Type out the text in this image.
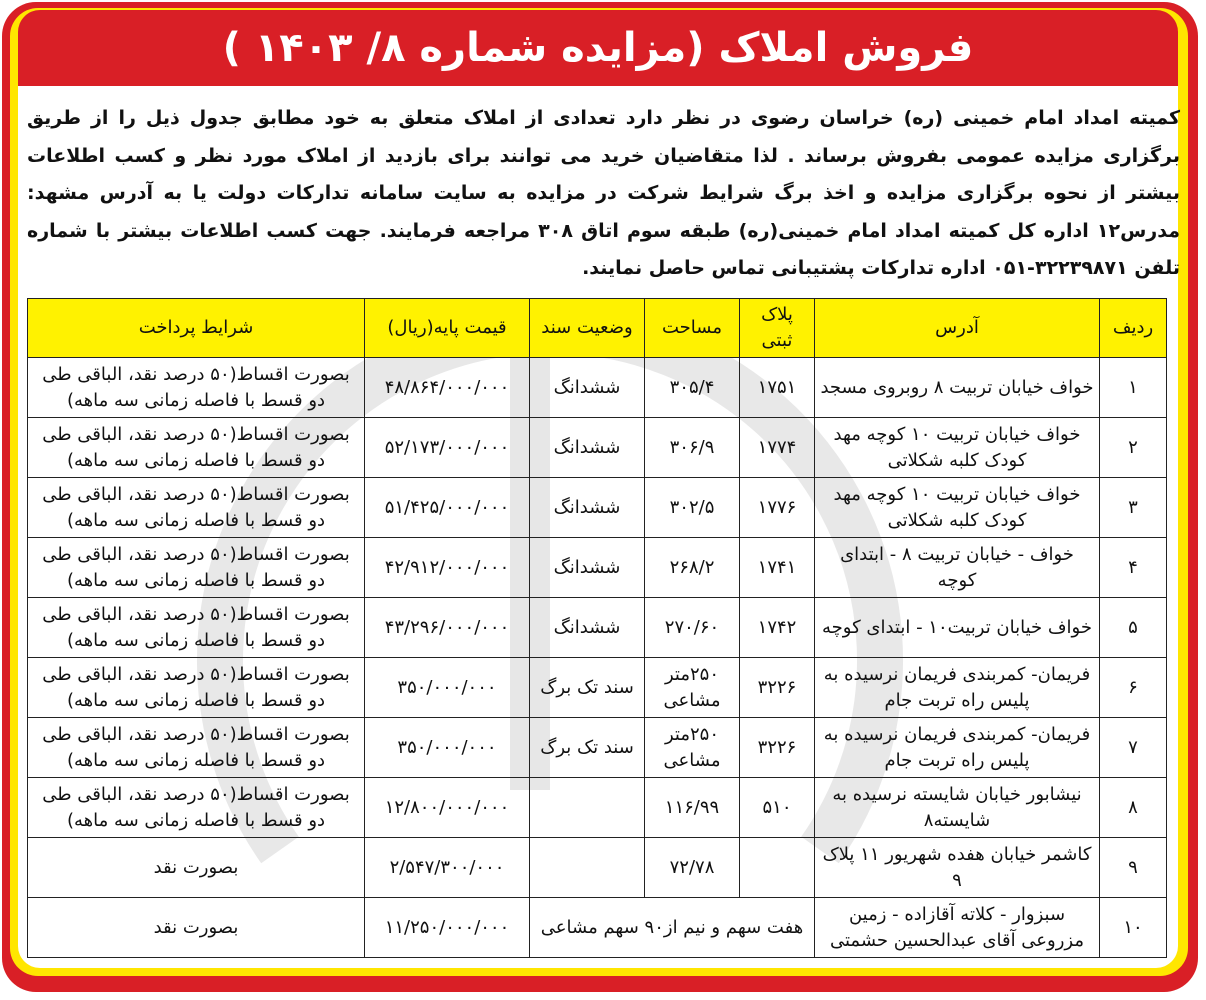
فروش املاک (مزایده شماره ۸/ ۱۴۰۳ )
کمیته امداد امام خمینی (ره) خراسان رضوی در نظر دارد تعدادی از املاک متعلق به خود مطابق جدول ذیل را از طریق برگزاری مزایده عمومی بفروش برساند . لذا متقاضیان خرید می توانند برای بازدید از املاک مورد نظر و کسب اطلاعات بیشتر از نحوه برگزاری مزایده و اخذ برگ شرایط شرکت در مزایده به سایت سامانه تدارکات دولت یا به آدرس مشهد: مدرس۱۲ اداره کل کمیته امداد امام خمینی(ره) طبقه سوم اتاق ۳۰۸ مراجعه فرمایند. جهت کسب اطلاعات بیشتر با شماره تلفن ۳۲۲۳۹۸۷۱-۰۵۱ اداره تدارکات پشتیبانی تماس حاصل نمایند.
ردیف	آدرس	پلاک ثبتی	مساحت	وضعیت سند	قیمت پایه(ریال)	شرایط پرداخت
۱	خواف خیابان تربیت ۸ روبروی مسجد	۱۷۵۱	۳۰۵/۴	ششدانگ	۴۸/۸۶۴/۰۰۰/۰۰۰	بصورت اقساط(۵۰ درصد نقد، الباقی طی دو قسط با فاصله زمانی سه ماهه)
۲	خواف خیابان تربیت ۱۰ کوچه مهد کودک کلبه شکلاتی	۱۷۷۴	۳۰۶/۹	ششدانگ	۵۲/۱۷۳/۰۰۰/۰۰۰	بصورت اقساط(۵۰ درصد نقد، الباقی طی دو قسط با فاصله زمانی سه ماهه)
۳	خواف خیابان تربیت ۱۰ کوچه مهد کودک کلبه شکلاتی	۱۷۷۶	۳۰۲/۵	ششدانگ	۵۱/۴۲۵/۰۰۰/۰۰۰	بصورت اقساط(۵۰ درصد نقد، الباقی طی دو قسط با فاصله زمانی سه ماهه)
۴	خواف - خیابان تربیت ۸ - ابتدای کوچه	۱۷۴۱	۲۶۸/۲	ششدانگ	۴۲/۹۱۲/۰۰۰/۰۰۰	بصورت اقساط(۵۰ درصد نقد، الباقی طی دو قسط با فاصله زمانی سه ماهه)
۵	خواف خیابان تربیت۱۰ - ابتدای کوچه	۱۷۴۲	۲۷۰/۶۰	ششدانگ	۴۳/۲۹۶/۰۰۰/۰۰۰	بصورت اقساط(۵۰ درصد نقد، الباقی طی دو قسط با فاصله زمانی سه ماهه)
۶	فریمان- کمربندی فریمان نرسیده به پلیس راه تربت جام	۳۲۲۶	۲۵۰متر مشاعی	سند تک برگ	۳۵۰/۰۰۰/۰۰۰	بصورت اقساط(۵۰ درصد نقد، الباقی طی دو قسط با فاصله زمانی سه ماهه)
۷	فریمان- کمربندی فریمان نرسیده به پلیس راه تربت جام	۳۲۲۶	۲۵۰متر مشاعی	سند تک برگ	۳۵۰/۰۰۰/۰۰۰	بصورت اقساط(۵۰ درصد نقد، الباقی طی دو قسط با فاصله زمانی سه ماهه)
۸	نیشابور خیابان شایسته نرسیده به شایسته۸	۵۱۰	۱۱۶/۹۹		۱۲/۸۰۰/۰۰۰/۰۰۰	بصورت اقساط(۵۰ درصد نقد، الباقی طی دو قسط با فاصله زمانی سه ماهه)
۹	کاشمر خیابان هفده شهریور ۱۱ پلاک ۹		۷۲/۷۸		۲/۵۴۷/۳۰۰/۰۰۰	بصورت نقد
۱۰	سبزوار - کلاته آقازاده - زمین مزروعی آقای عبدالحسین حشمتی	هفت سهم و نیم از۹۰ سهم مشاعی			۱۱/۲۵۰/۰۰۰/۰۰۰	بصورت نقد
